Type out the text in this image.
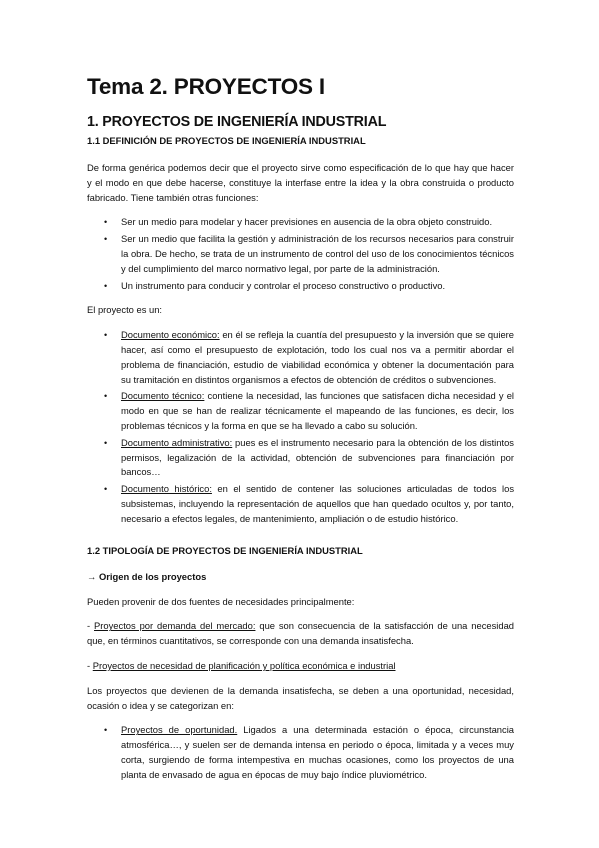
Tema 2. PROYECTOS I
1. PROYECTOS DE INGENIERÍA INDUSTRIAL
1.1 DEFINICIÓN DE PROYECTOS DE INGENIERÍA INDUSTRIAL

De forma genérica podemos decir que el proyecto sirve como especificación de lo que hay que hacer y el modo en que debe hacerse, constituye la interfase entre la idea y la obra construida o producto fabricado. Tiene también otras funciones:

• Ser un medio para modelar y hacer previsiones en ausencia de la obra objeto construido.
• Ser un medio que facilita la gestión y administración de los recursos necesarios para construir la obra. De hecho, se trata de un instrumento de control del uso de los conocimientos técnicos y del cumplimiento del marco normativo legal, por parte de la administración.
• Un instrumento para conducir y controlar el proceso constructivo o productivo.

El proyecto es un:

• Documento económico: en él se refleja la cuantía del presupuesto y la inversión que se quiere hacer, así como el presupuesto de explotación, todo los cual nos va a permitir abordar el problema de financiación, estudio de viabilidad económica y obtener la documentación para su tramitación en distintos organismos a efectos de obtención de créditos o subvenciones.
• Documento técnico: contiene la necesidad, las funciones que satisfacen dicha necesidad y el modo en que se han de realizar técnicamente el mapeando de las funciones, es decir, los problemas técnicos y la forma en que se ha llevado a cabo su solución.
• Documento administrativo: pues es el instrumento necesario para la obtención de los distintos permisos, legalización de la actividad, obtención de subvenciones para financiación por bancos…
• Documento histórico: en el sentido de contener las soluciones articuladas de todos los subsistemas, incluyendo la representación de aquellos que han quedado ocultos y, por tanto, necesario a efectos legales, de mantenimiento, ampliación o de estudio histórico.
1.2 TIPOLOGÍA DE PROYECTOS DE INGENIERÍA INDUSTRIAL
→ Origen de los proyectos

Pueden provenir de dos fuentes de necesidades principalmente:

- Proyectos por demanda del mercado: que son consecuencia de la satisfacción de una necesidad que, en términos cuantitativos, se corresponde con una demanda insatisfecha.

- Proyectos de necesidad de planificación y política económica e industrial

Los proyectos que devienen de la demanda insatisfecha, se deben a una oportunidad, necesidad, ocasión o idea y se categorizan en:

• Proyectos de oportunidad. Ligados a una determinada estación o época, circunstancia atmosférica…, y suelen ser de demanda intensa en periodo o época, limitada y a veces muy corta, surgiendo de forma intempestiva en muchas ocasiones, como los proyectos de una planta de envasado de agua en épocas de muy bajo índice pluviométrico.
